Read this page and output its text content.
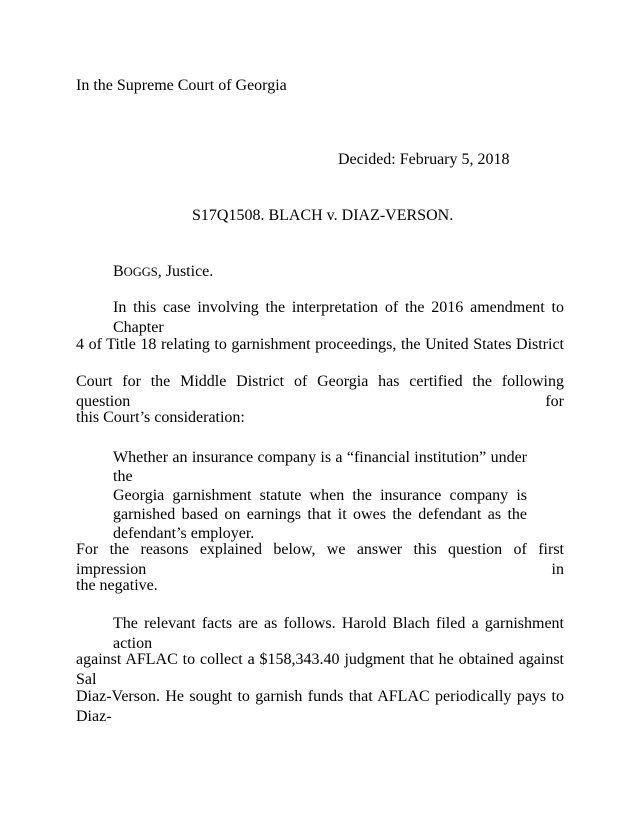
In the Supreme Court of Georgia
Decided: February 5, 2018
S17Q1508. BLACH v. DIAZ-VERSON.
BOGGS, Justice.
In this case involving the interpretation of the 2016 amendment to Chapter
4 of Title 18 relating to garnishment proceedings, the United States District
Court for the Middle District of Georgia has certified the following question for
this Court’s consideration:
Whether an insurance company is a “financial institution” under the
Georgia garnishment statute when the insurance company is
garnished based on earnings that it owes the defendant as the
defendant’s employer.
For the reasons explained below, we answer this question of first impression in
the negative.
The relevant facts are as follows. Harold Blach filed a garnishment action
against AFLAC to collect a $158,343.40 judgment that he obtained against Sal
Diaz-Verson. He sought to garnish funds that AFLAC periodically pays to Diaz-
